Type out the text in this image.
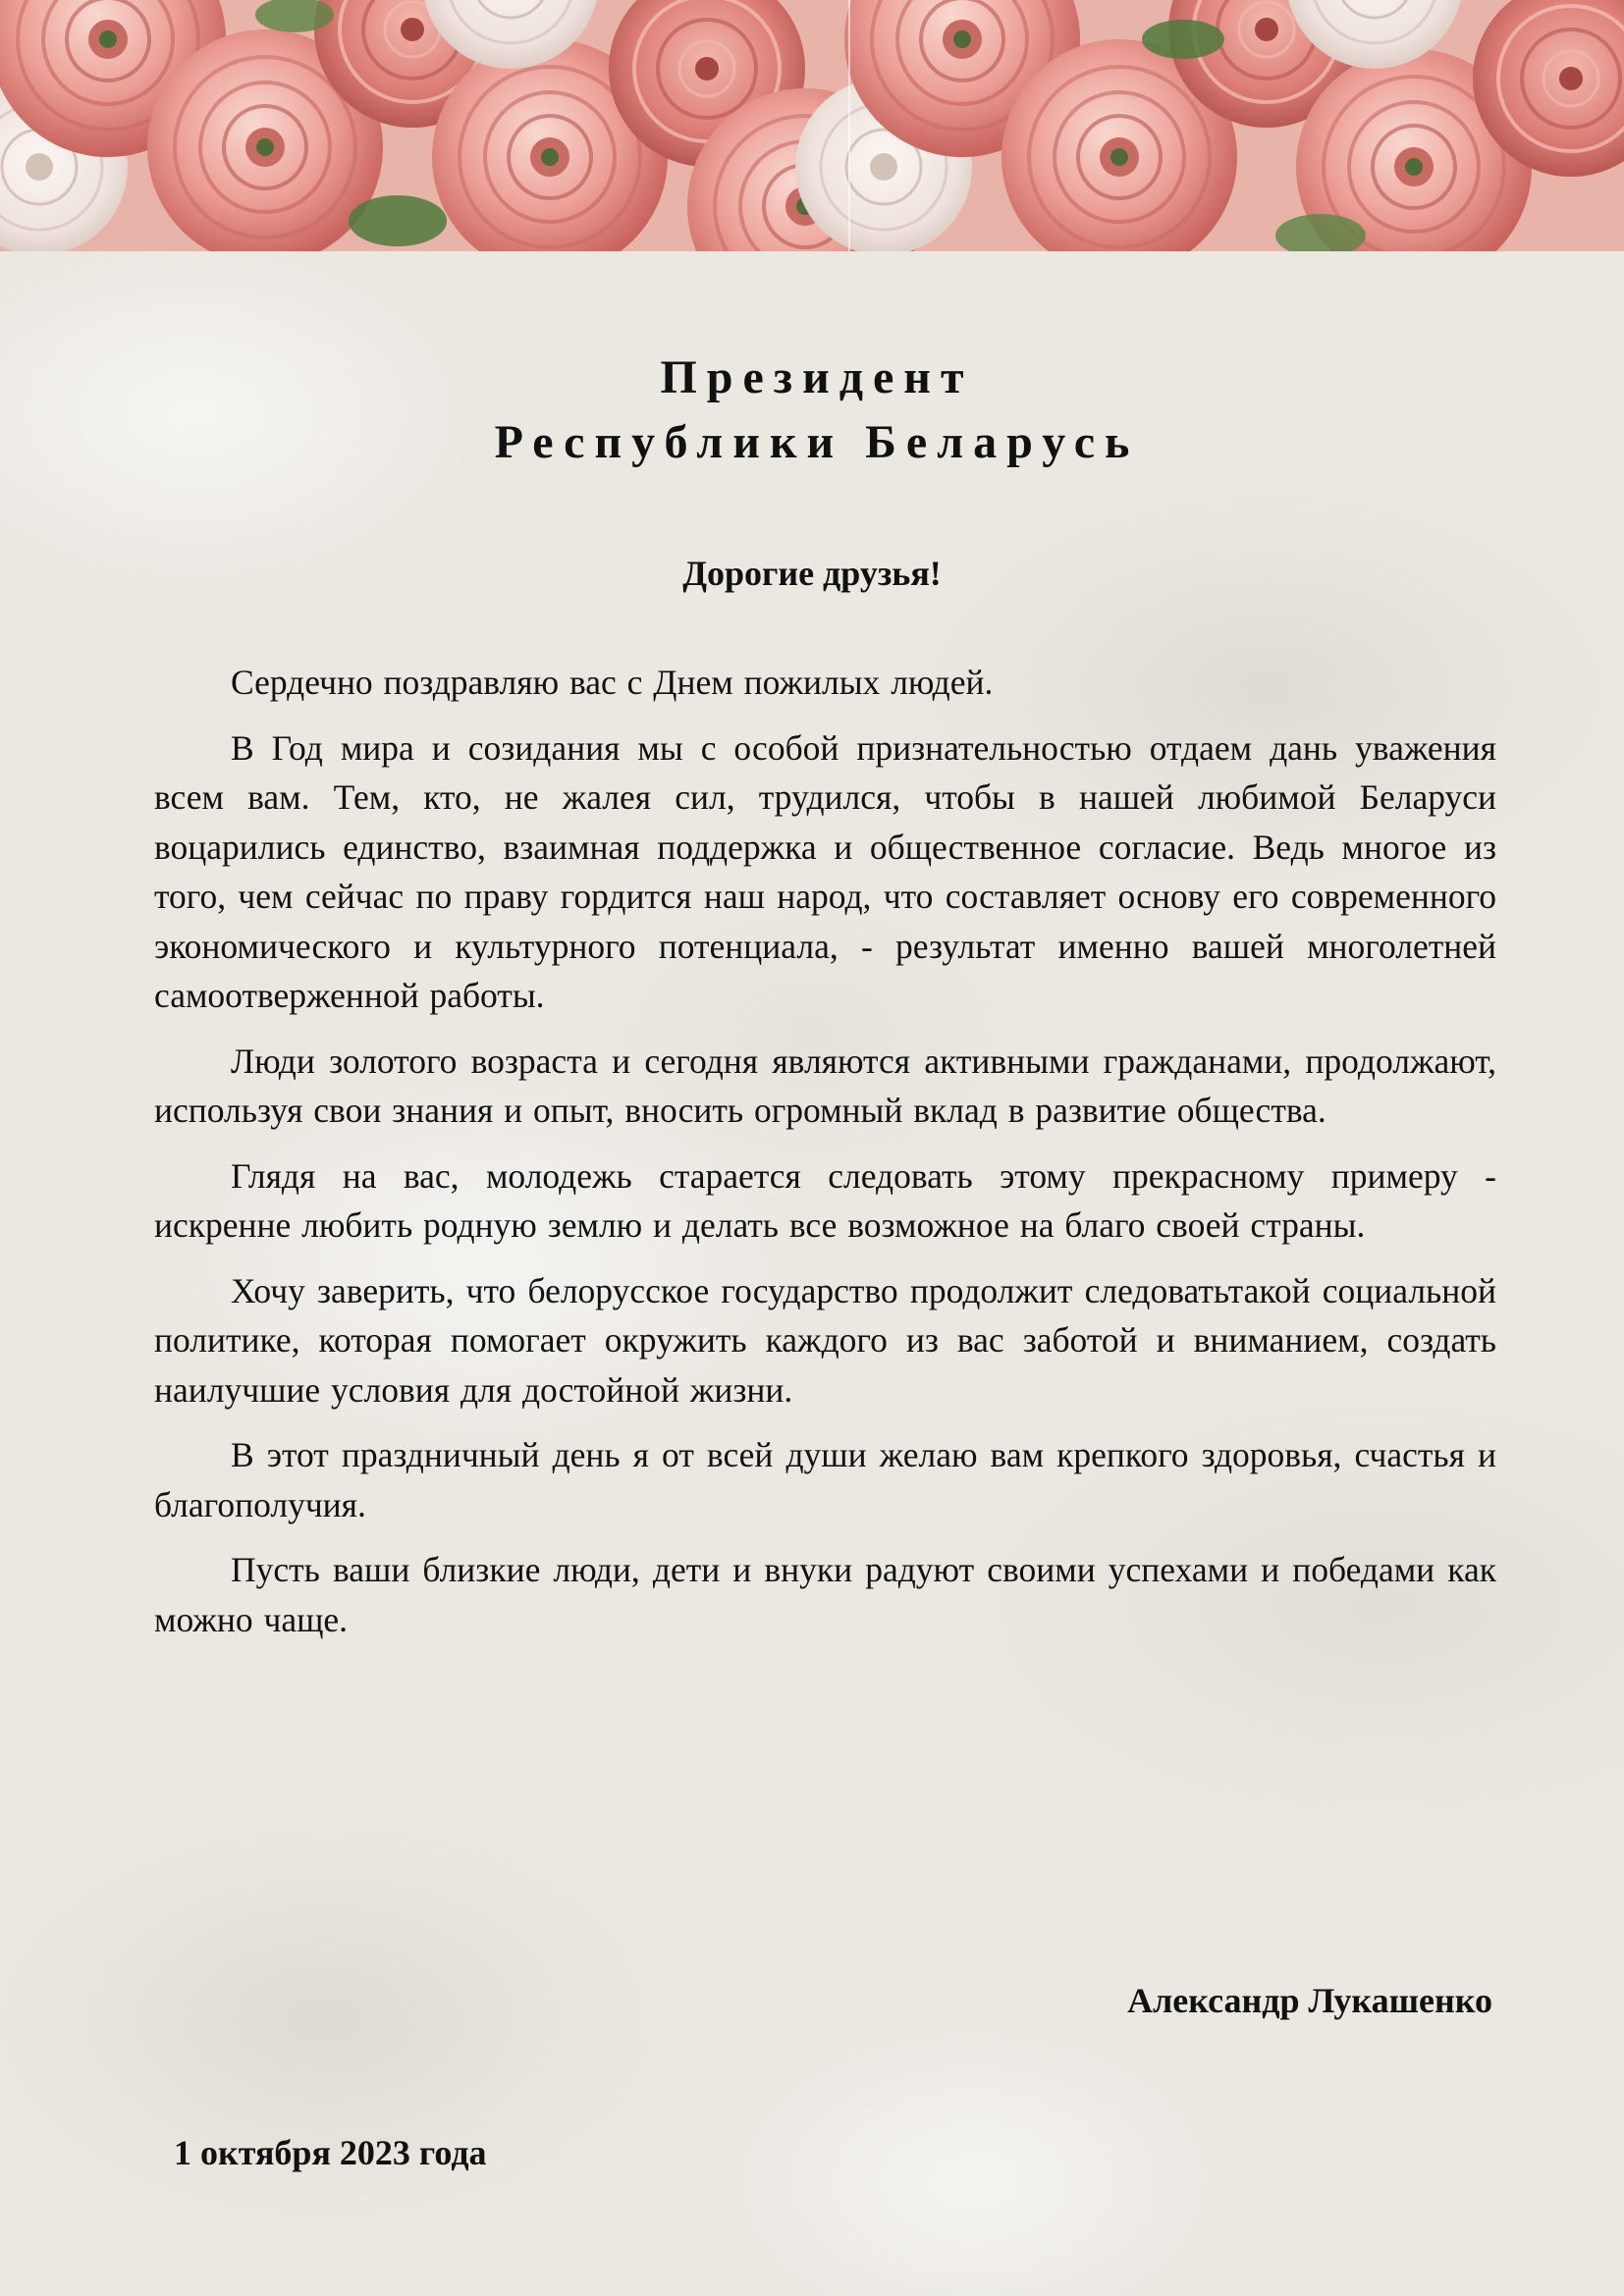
Президент
Республики Беларусь
Дорогие друзья!

Сердечно поздравляю вас с Днем пожилых людей.

В Год мира и созидания мы с особой признательностью отдаем дань уважения всем вам. Тем, кто, не жалея сил, трудился, чтобы в нашей любимой Беларуси воцарились единство, взаимная поддержка и общественное согласие. Ведь многое из того, чем сейчас по праву гордится наш народ, что составляет основу его современного экономического и культурного потенциала, - результат именно вашей многолетней самоотверженной работы.

Люди золотого возраста и сегодня являются активными гражданами, продолжают, используя свои знания и опыт, вносить огромный вклад в развитие общества.

Глядя на вас, молодежь старается следовать этому прекрасному примеру - искренне любить родную землю и делать все возможное на благо своей страны.

Хочу заверить, что белорусское государство продолжит следоватьтакой социальной политике, которая помогает окружить каждого из вас заботой и вниманием, создать наилучшие условия для достойной жизни.

В этот праздничный день я от всей души желаю вам крепкого здоровья, счастья и благополучия.

Пусть ваши близкие люди, дети и внуки радуют своими успехами и победами как можно чаще.

Александр Лукашенко
1 октября 2023 года
